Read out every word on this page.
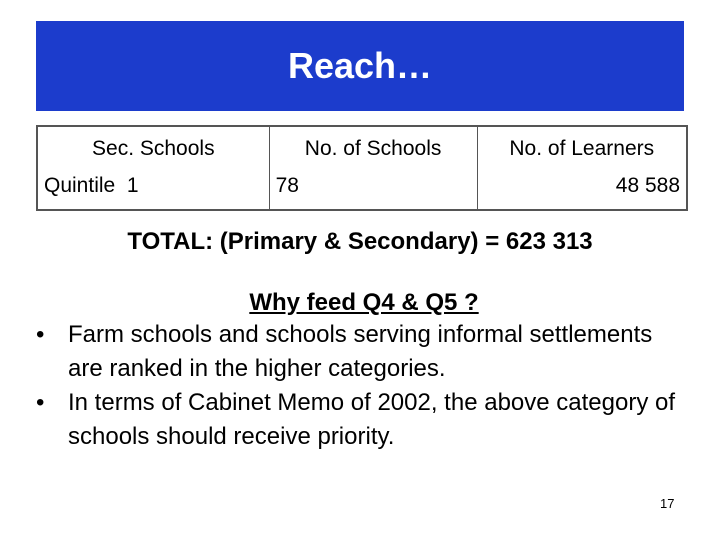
Reach…
Sec. Schools	No. of Schools	No. of Learners
Quintile  1	78	48 588
TOTAL: (Primary & Secondary) = 623 313
Why feed Q4 & Q5 ?
• Farm schools and schools serving informal settlements are ranked in the higher categories.
• In terms of Cabinet Memo of 2002, the above category of schools should receive priority.
17
